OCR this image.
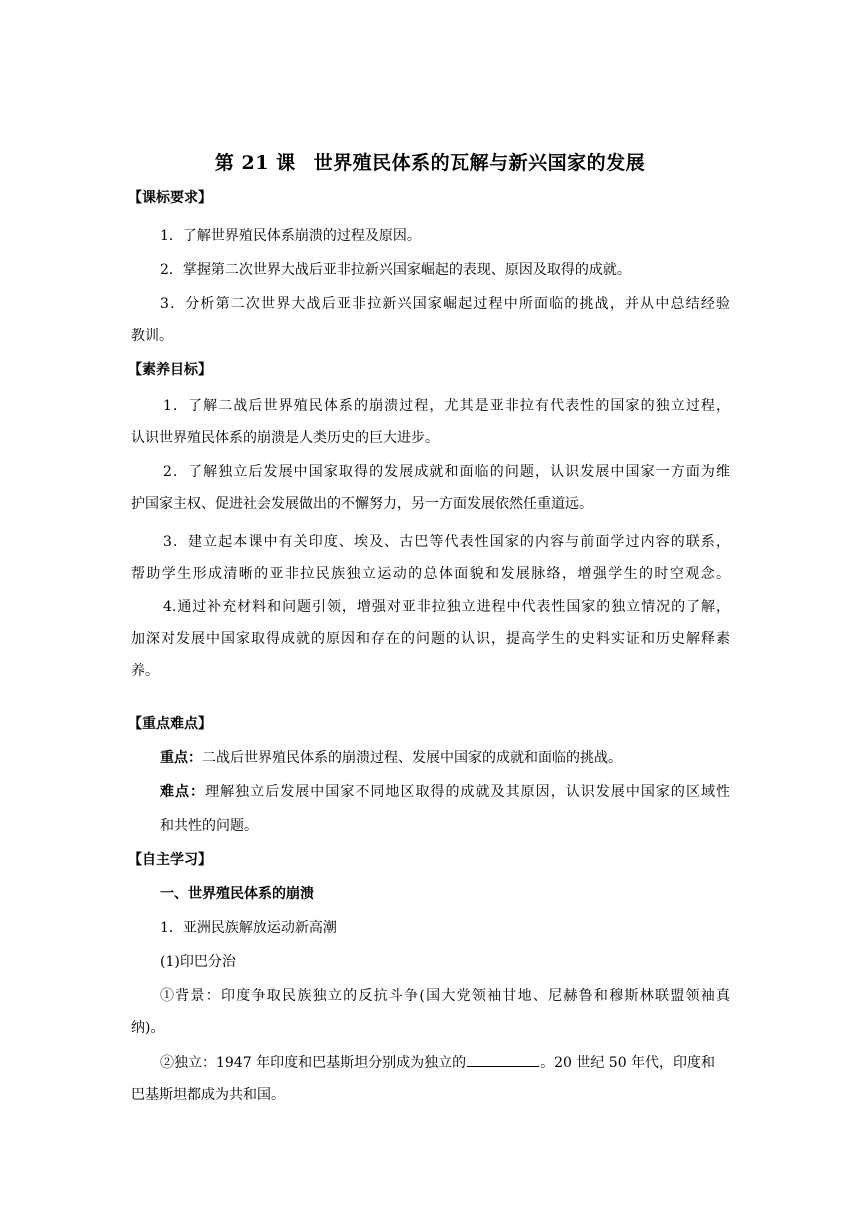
第 21 课 世界殖民体系的瓦解与新兴国家的发展
【课标要求】
1．了解世界殖民体系崩溃的过程及原因。
2．掌握第二次世界大战后亚非拉新兴国家崛起的表现、原因及取得的成就。
3．分析第二次世界大战后亚非拉新兴国家崛起过程中所面临的挑战，并从中总结经验
教训。
【素养目标】
1．了解二战后世界殖民体系的崩溃过程，尤其是亚非拉有代表性的国家的独立过程，
认识世界殖民体系的崩溃是人类历史的巨大进步。
2．了解独立后发展中国家取得的发展成就和面临的问题，认识发展中国家一方面为维
护国家主权、促进社会发展做出的不懈努力，另一方面发展依然任重道远。
3．建立起本课中有关印度、埃及、古巴等代表性国家的内容与前面学过内容的联系，
帮助学生形成清晰的亚非拉民族独立运动的总体面貌和发展脉络，增强学生的时空观念。
4.通过补充材料和问题引领，增强对亚非拉独立进程中代表性国家的独立情况的了解，
加深对发展中国家取得成就的原因和存在的问题的认识，提高学生的史料实证和历史解释素
养。
【重点难点】
重点：二战后世界殖民体系的崩溃过程、发展中国家的成就和面临的挑战。
难点：理解独立后发展中国家不同地区取得的成就及其原因，认识发展中国家的区域性
和共性的问题。
【自主学习】
一、世界殖民体系的崩溃
1．亚洲民族解放运动新高潮
(1)印巴分治
①背景：印度争取民族独立的反抗斗争(国大党领袖甘地、尼赫鲁和穆斯林联盟领袖真
纳)。
②独立：1947 年印度和巴基斯坦分别成为独立的	。20 世纪 50 年代，印度和
巴基斯坦都成为共和国。
